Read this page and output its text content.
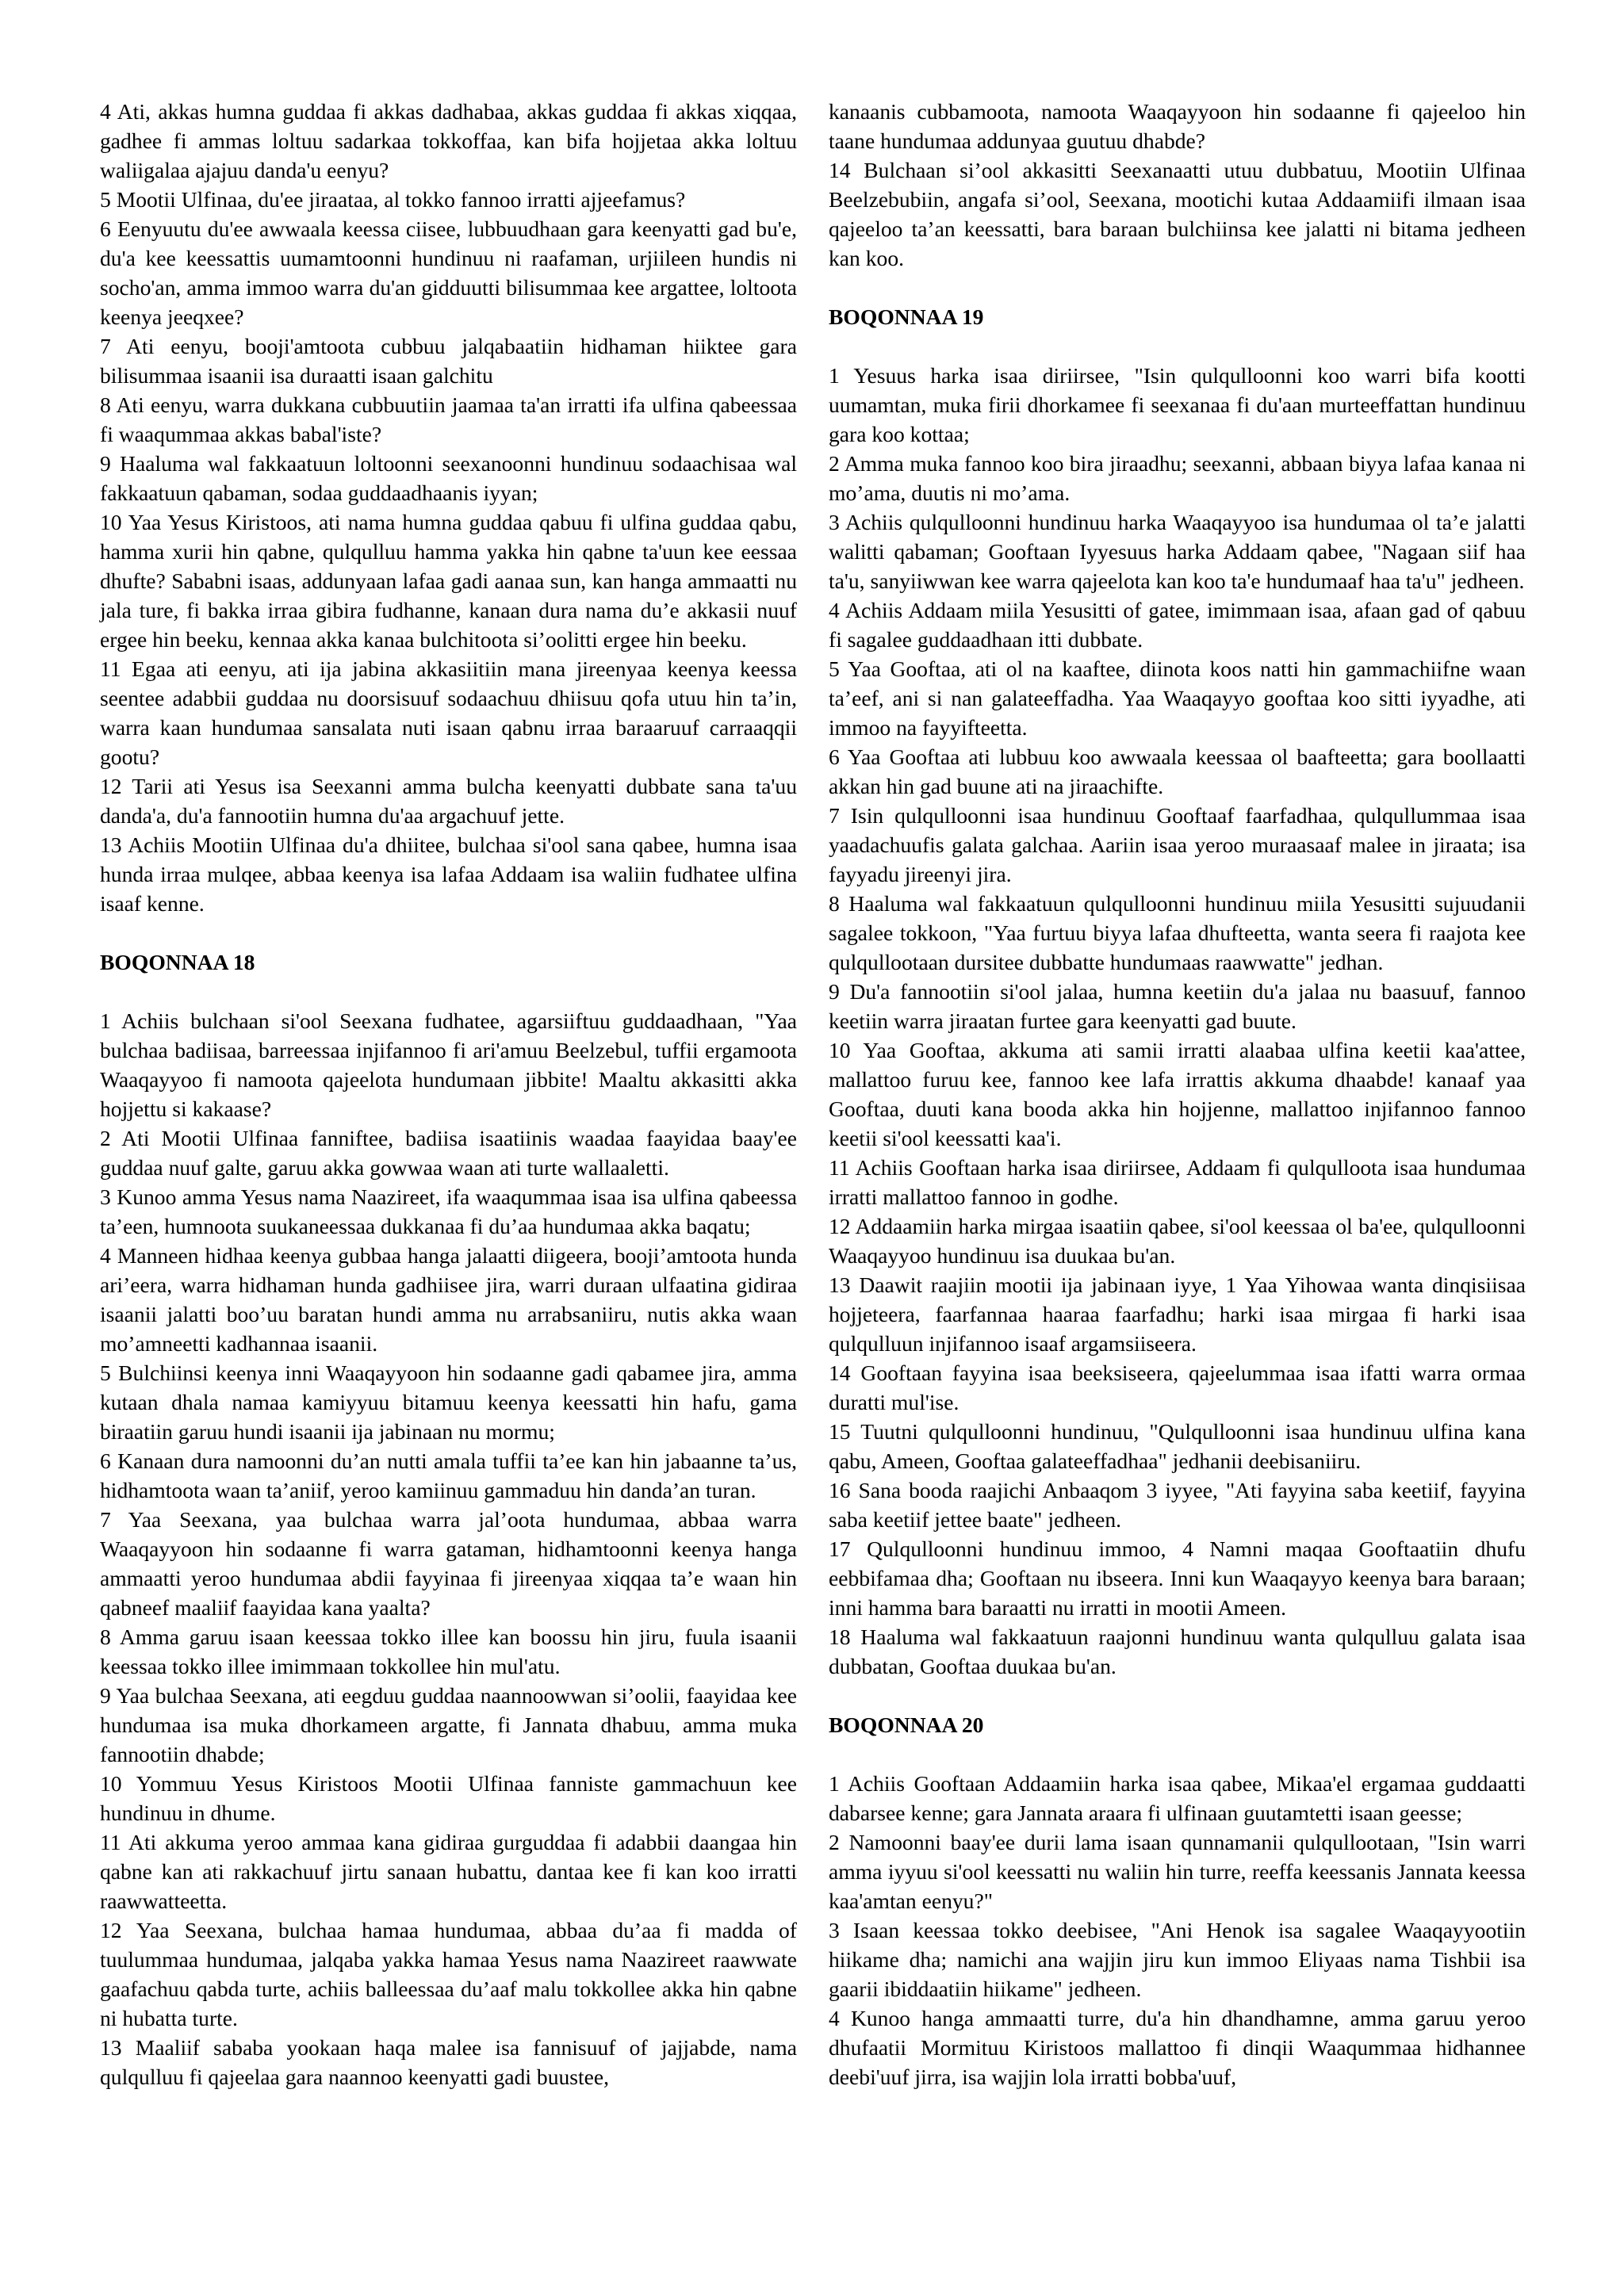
4 Ati, akkas humna guddaa fi akkas dadhabaa, akkas guddaa fi akkas xiqqaa, gadhee fi ammas loltuu sadarkaa tokkoffaa, kan bifa hojjetaa akka loltuu waliigalaa ajajuu danda'u eenyu?

5 Mootii Ulfinaa, du'ee jiraataa, al tokko fannoo irratti ajjeefamus?

6 Eenyuutu du'ee awwaala keessa ciisee, lubbuudhaan gara keenyatti gad bu'e, du'a kee keessattis uumamtoonni hundinuu ni raafaman, urjiileen hundis ni socho'an, amma immoo warra du'an gidduutti bilisummaa kee argattee, loltoota keenya jeeqxee?

7 Ati eenyu, booji'amtoota cubbuu jalqabaatiin hidhaman hiiktee gara bilisummaa isaanii isa duraatti isaan galchitu

8 Ati eenyu, warra dukkana cubbuutiin jaamaa ta'an irratti ifa ulfina qabeessaa fi waaqummaa akkas babal'iste?

9 Haaluma wal fakkaatuun loltoonni seexanoonni hundinuu sodaachisaa wal fakkaatuun qabaman, sodaa guddaadhaanis iyyan;

10 Yaa Yesus Kiristoos, ati nama humna guddaa qabuu fi ulfina guddaa qabu, hamma xurii hin qabne, qulqulluu hamma yakka hin qabne ta'uun kee eessaa dhufte? Sababni isaas, addunyaan lafaa gadi aanaa sun, kan hanga ammaatti nu jala ture, fi bakka irraa gibira fudhanne, kanaan dura nama du’e akkasii nuuf ergee hin beeku, kennaa akka kanaa bulchitoota si’oolitti ergee hin beeku.

11 Egaa ati eenyu, ati ija jabina akkasiitiin mana jireenyaa keenya keessa seentee adabbii guddaa nu doorsisuuf sodaachuu dhiisuu qofa utuu hin ta’in, warra kaan hundumaa sansalata nuti isaan qabnu irraa baraaruuf carraaqqii gootu?

12 Tarii ati Yesus isa Seexanni amma bulcha keenyatti dubbate sana ta'uu danda'a, du'a fannootiin humna du'aa argachuuf jette.

13 Achiis Mootiin Ulfinaa du'a dhiitee, bulchaa si'ool sana qabee, humna isaa hunda irraa mulqee, abbaa keenya isa lafaa Addaam isa waliin fudhatee ulfina isaaf kenne.

BOQONNAA 18

1 Achiis bulchaan si'ool Seexana fudhatee, agarsiiftuu guddaadhaan, "Yaa bulchaa badiisaa, barreessaa injifannoo fi ari'amuu Beelzebul, tuffii ergamoota Waaqayyoo fi namoota qajeelota hundumaan jibbite! Maaltu akkasitti akka hojjettu si kakaase?

2 Ati Mootii Ulfinaa fanniftee, badiisa isaatiinis waadaa faayidaa baay'ee guddaa nuuf galte, garuu akka gowwaa waan ati turte wallaaletti.

3 Kunoo amma Yesus nama Naazireet, ifa waaqummaa isaa isa ulfina qabeessa ta’een, humnoota suukaneessaa dukkanaa fi du’aa hundumaa akka baqatu;

4 Manneen hidhaa keenya gubbaa hanga jalaatti diigeera, booji’amtoota hunda ari’eera, warra hidhaman hunda gadhiisee jira, warri duraan ulfaatina gidiraa isaanii jalatti boo’uu baratan hundi amma nu arrabsaniiru, nutis akka waan mo’amneetti kadhannaa isaanii.

5 Bulchiinsi keenya inni Waaqayyoon hin sodaanne gadi qabamee jira, amma kutaan dhala namaa kamiyyuu bitamuu keenya keessatti hin hafu, gama biraatiin garuu hundi isaanii ija jabinaan nu mormu;

6 Kanaan dura namoonni du’an nutti amala tuffii ta’ee kan hin jabaanne ta’us, hidhamtoota waan ta’aniif, yeroo kamiinuu gammaduu hin danda’an turan.

7 Yaa Seexana, yaa bulchaa warra jal’oota hundumaa, abbaa warra Waaqayyoon hin sodaanne fi warra gataman, hidhamtoonni keenya hanga ammaatti yeroo hundumaa abdii fayyinaa fi jireenyaa xiqqaa ta’e waan hin qabneef maaliif faayidaa kana yaalta?

8 Amma garuu isaan keessaa tokko illee kan boossu hin jiru, fuula isaanii keessaa tokko illee imimmaan tokkollee hin mul'atu.

9 Yaa bulchaa Seexana, ati eegduu guddaa naannoowwan si’oolii, faayidaa kee hundumaa isa muka dhorkameen argatte, fi Jannata dhabuu, amma muka fannootiin dhabde;

10 Yommuu Yesus Kiristoos Mootii Ulfinaa fanniste gammachuun kee hundinuu in dhume.

11 Ati akkuma yeroo ammaa kana gidiraa gurguddaa fi adabbii daangaa hin qabne kan ati rakkachuuf jirtu sanaan hubattu, dantaa kee fi kan koo irratti raawwatteetta.

12 Yaa Seexana, bulchaa hamaa hundumaa, abbaa du’aa fi madda of tuulummaa hundumaa, jalqaba yakka hamaa Yesus nama Naazireet raawwate gaafachuu qabda turte, achiis balleessaa du’aaf malu tokkollee akka hin qabne ni hubatta turte.

13 Maaliif sababa yookaan haqa malee isa fannisuuf of jajjabde, nama qulqulluu fi qajeelaa gara naannoo keenyatti gadi buustee,

kanaanis cubbamoota, namoota Waaqayyoon hin sodaanne fi qajeeloo hin taane hundumaa addunyaa guutuu dhabde?

14 Bulchaan si’ool akkasitti Seexanaatti utuu dubbatuu, Mootiin Ulfinaa Beelzebubiin, angafa si’ool, Seexana, mootichi kutaa Addaamiifi ilmaan isaa qajeeloo ta’an keessatti, bara baraan bulchiinsa kee jalatti ni bitama jedheen kan koo.

BOQONNAA 19

1 Yesuus harka isaa diriirsee, "Isin qulqulloonni koo warri bifa kootti uumamtan, muka firii dhorkamee fi seexanaa fi du'aan murteeffattan hundinuu gara koo kottaa;

2 Amma muka fannoo koo bira jiraadhu; seexanni, abbaan biyya lafaa kanaa ni mo’ama, duutis ni mo’ama.

3 Achiis qulqulloonni hundinuu harka Waaqayyoo isa hundumaa ol ta’e jalatti walitti qabaman; Gooftaan Iyyesuus harka Addaam qabee, "Nagaan siif haa ta'u, sanyiiwwan kee warra qajeelota kan koo ta'e hundumaaf haa ta'u" jedheen.

4 Achiis Addaam miila Yesusitti of gatee, imimmaan isaa, afaan gad of qabuu fi sagalee guddaadhaan itti dubbate.

5 Yaa Gooftaa, ati ol na kaaftee, diinota koos natti hin gammachiifne waan ta’eef, ani si nan galateeffadha. Yaa Waaqayyo gooftaa koo sitti iyyadhe, ati immoo na fayyifteetta.

6 Yaa Gooftaa ati lubbuu koo awwaala keessaa ol baafteetta; gara boollaatti akkan hin gad buune ati na jiraachifte.

7 Isin qulqulloonni isaa hundinuu Gooftaaf faarfadhaa, qulqullummaa isaa yaadachuufis galata galchaa. Aariin isaa yeroo muraasaaf malee in jiraata; isa fayyadu jireenyi jira.

8 Haaluma wal fakkaatuun qulqulloonni hundinuu miila Yesusitti sujuudanii sagalee tokkoon, "Yaa furtuu biyya lafaa dhufteetta, wanta seera fi raajota kee qulqullootaan dursitee dubbatte hundumaas raawwatte" jedhan.

9 Du'a fannootiin si'ool jalaa, humna keetiin du'a jalaa nu baasuuf, fannoo keetiin warra jiraatan furtee gara keenyatti gad buute.

10 Yaa Gooftaa, akkuma ati samii irratti alaabaa ulfina keetii kaa'attee, mallattoo furuu kee, fannoo kee lafa irrattis akkuma dhaabde! kanaaf yaa Gooftaa, duuti kana booda akka hin hojjenne, mallattoo injifannoo fannoo keetii si'ool keessatti kaa'i.

11 Achiis Gooftaan harka isaa diriirsee, Addaam fi qulqulloota isaa hundumaa irratti mallattoo fannoo in godhe.

12 Addaamiin harka mirgaa isaatiin qabee, si'ool keessaa ol ba'ee, qulqulloonni Waaqayyoo hundinuu isa duukaa bu'an.

13 Daawit raajiin mootii ija jabinaan iyye, 1 Yaa Yihowaa wanta dinqisiisaa hojjeteera, faarfannaa haaraa faarfadhu; harki isaa mirgaa fi harki isaa qulqulluun injifannoo isaaf argamsiiseera.

14 Gooftaan fayyina isaa beeksiseera, qajeelummaa isaa ifatti warra ormaa duratti mul'ise.

15 Tuutni qulqulloonni hundinuu, "Qulqulloonni isaa hundinuu ulfina kana qabu, Ameen, Gooftaa galateeffadhaa" jedhanii deebisaniiru.

16 Sana booda raajichi Anbaaqom 3 iyyee, "Ati fayyina saba keetiif, fayyina saba keetiif jettee baate" jedheen.

17 Qulqulloonni hundinuu immoo, 4 Namni maqaa Gooftaatiin dhufu eebbifamaa dha; Gooftaan nu ibseera. Inni kun Waaqayyo keenya bara baraan; inni hamma bara baraatti nu irratti in mootii Ameen.

18 Haaluma wal fakkaatuun raajonni hundinuu wanta qulqulluu galata isaa dubbatan, Gooftaa duukaa bu'an.

BOQONNAA 20

1 Achiis Gooftaan Addaamiin harka isaa qabee, Mikaa'el ergamaa guddaatti dabarsee kenne; gara Jannata araara fi ulfinaan guutamtetti isaan geesse;

2 Namoonni baay'ee durii lama isaan qunnamanii qulqullootaan, "Isin warri amma iyyuu si'ool keessatti nu waliin hin turre, reeffa keessanis Jannata keessa kaa'amtan eenyu?"

3 Isaan keessaa tokko deebisee, "Ani Henok isa sagalee Waaqayyootiin hiikame dha; namichi ana wajjin jiru kun immoo Eliyaas nama Tishbii isa gaarii ibiddaatiin hiikame" jedheen.

4 Kunoo hanga ammaatti turre, du'a hin dhandhamne, amma garuu yeroo dhufaatii Mormituu Kiristoos mallattoo fi dinqii Waaqummaa hidhannee deebi'uuf jirra, isa wajjin lola irratti bobba'uuf,
